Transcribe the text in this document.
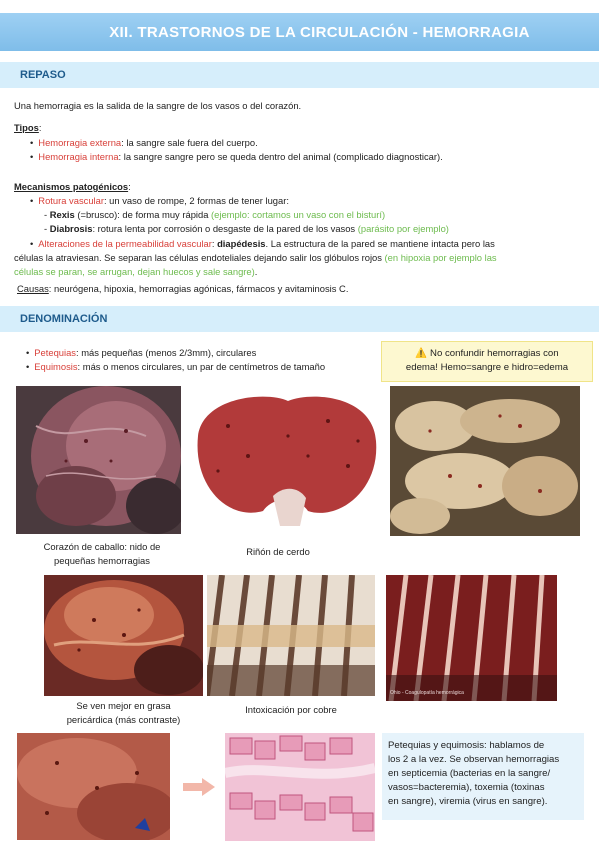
XII. TRASTORNOS DE LA CIRCULACIÓN - HEMORRAGIA
REPASO
Una hemorragia es la salida de la sangre de los vasos o del corazón.
Tipos:
• Hemorragia externa: la sangre sale fuera del cuerpo.
• Hemorragia interna: la sangre sangre pero se queda dentro del animal (complicado diagnosticar).
Mecanismos patogénicos:
• Rotura vascular: un vaso de rompe, 2 formas de tener lugar:
- Rexis (=brusco): de forma muy rápida (ejemplo: cortamos un vaso con el bisturí)
- Diabrosis: rotura lenta por corrosión o desgaste de la pared de los vasos (parásito por ejemplo)
• Alteraciones de la permeabilidad vascular: diapédesis. La estructura de la pared se mantiene intacta pero las
células la atraviesan. Se separan las células endoteliales dejando salir los glóbulos rojos (en hipoxia por ejemplo las
células se paran, se arrugan, dejan huecos y sale sangre).
Causas: neurógena, hipoxia, hemorragias agónicas, fármacos y avitaminosis C.
DENOMINACIÓN
• Petequias: más pequeñas (menos 2/3mm), circulares
• Equimosis: más o menos circulares, un par de centímetros de tamaño
⚠️ No confundir hemorragias con
edema! Hemo=sangre e hidro=edema
Corazón de caballo: nido de
pequeñas hemorragias
Riñón de cerdo
Ohio - Coagulopatía hemorrágica
Se ven mejor en grasa
pericárdica (más contraste)
Intoxicación por cobre
Petequias y equimosis: hablamos de
los 2 a la vez. Se observan hemorragias
en septicemia (bacterias en la sangre/
vasos=bacteremia), toxemia (toxinas
en sangre), viremia (virus en sangre).
